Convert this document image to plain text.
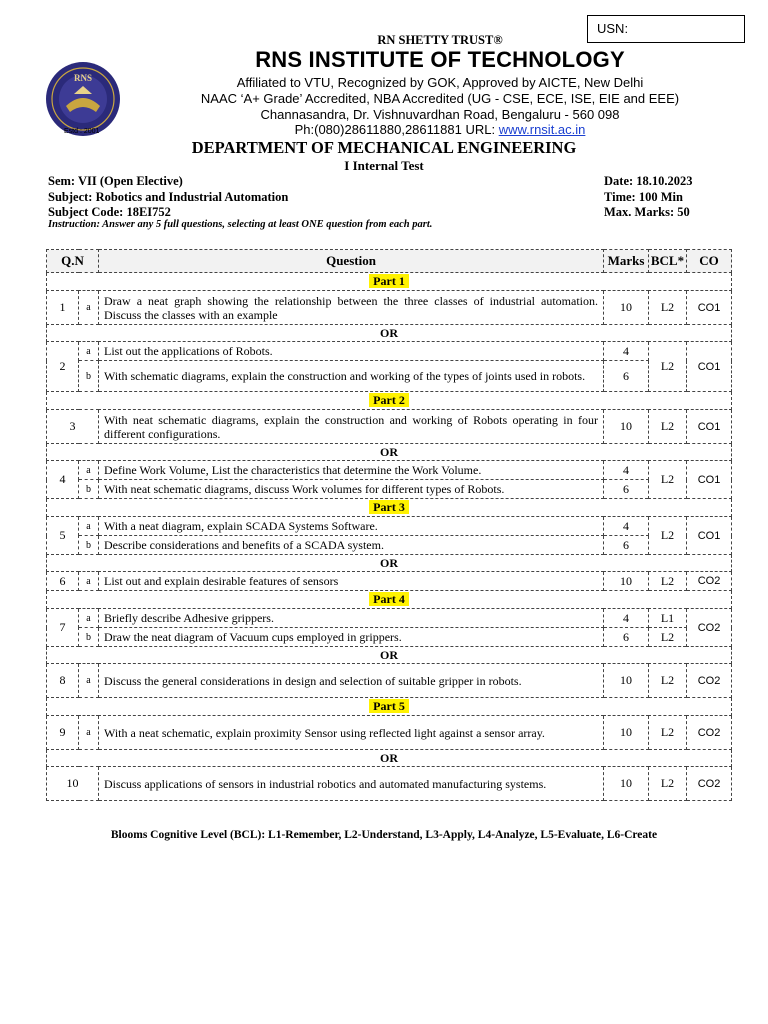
USN:
RNS
Estd : 2001
RN SHETTY TRUST®
RNS INSTITUTE OF TECHNOLOGY
Affiliated to VTU, Recognized by GOK, Approved by AICTE, New Delhi
NAAC ‘A+ Grade’ Accredited, NBA Accredited (UG - CSE, ECE, ISE, EIE and EEE)
Channasandra, Dr. Vishnuvardhan Road, Bengaluru - 560 098
Ph:(080)28611880,28611881 URL: www.rnsit.ac.in
DEPARTMENT OF MECHANICAL ENGINEERING
I Internal Test
Sem: VII (Open Elective)
Subject: Robotics and Industrial Automation
Subject Code: 18EI752
Date: 18.10.2023
Time: 100 Min
Max. Marks: 50
Instruction: Answer any 5 full questions, selecting at least ONE question from each part.
Q.N		Question	Marks	BCL*	CO
Part 1					
1	a	Draw a neat graph showing the relationship between the three classes of industrial automation. Discuss the classes with an example	10	L2	CO1
OR					
2	a	List out the applications of Robots.	4	L2	CO1
	b	With schematic diagrams, explain the construction and working of the types of joints used in robots.	6		
Part 2					
3		With neat schematic diagrams, explain the construction and working of Robots operating in four different configurations.	10	L2	CO1
OR					
4	a	Define Work Volume, List the characteristics that determine the Work Volume.	4	L2	CO1
	b	With neat schematic diagrams, discuss Work volumes for different types of Robots.	6		
Part 3					
5	a	With a neat diagram, explain SCADA Systems Software.	4	L2	CO1
	b	Describe considerations and benefits of a SCADA system.	6		
OR					
6	a	List out and explain desirable features of sensors	10	L2	CO2
Part 4					
7	a	Briefly describe Adhesive grippers.	4	L1	CO2
	b	Draw the neat diagram of Vacuum cups employed in grippers.	6	L2	
OR					
8	a	Discuss the general considerations in design and selection of suitable gripper in robots.	10	L2	CO2
Part 5					
9	a	With a neat schematic, explain proximity Sensor using reflected light against a sensor array.	10	L2	CO2
OR					
10		Discuss applications of sensors in industrial robotics and automated manufacturing systems.	10	L2	CO2
Blooms Cognitive Level (BCL): L1-Remember, L2-Understand, L3-Apply, L4-Analyze, L5-Evaluate, L6-Create
